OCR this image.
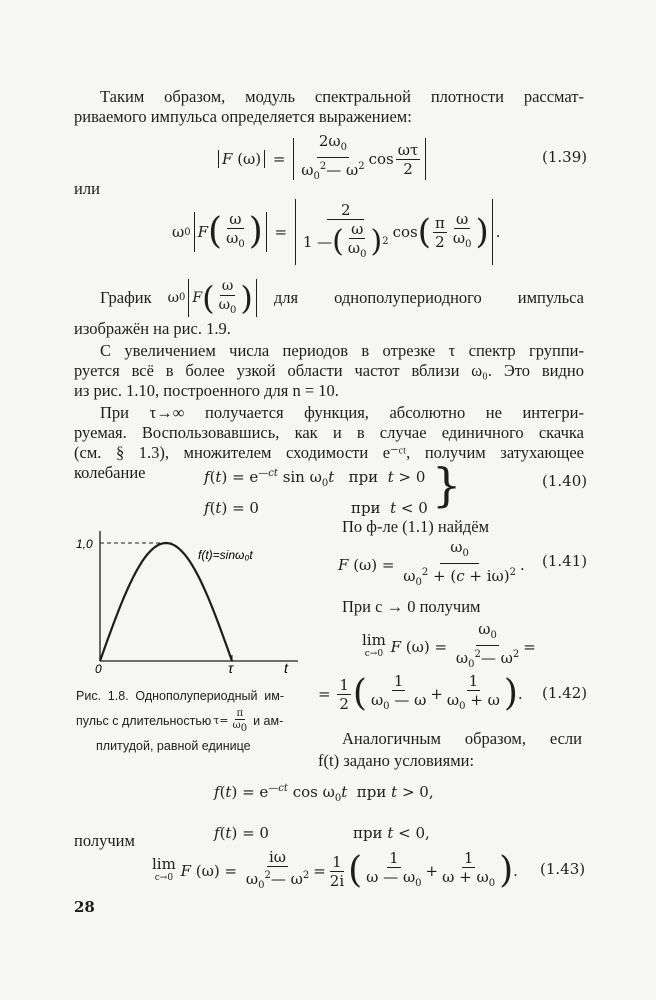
Таким образом, модуль спектральной плотности рассмат-
риваемого импульса определяется выражением:
F (ω)
= $\frac{2\omega_0}{\omega_0^2— \omega^2}$ $\cos \frac{\omega\tau}{2}$	(1.39)
или
ω 0 F ( $\frac{\omega}{\omega_0}$ ) = $\frac{2}{1 — ( \frac{\omega}{\omega_0} ) 2}$ cos ( $\frac{\pi}{2} \frac{\omega}{\omega_0}$ ) .
График ω 0 F ( $\frac{\omega}{\omega_0}$ ) для однополупериодного импульса
изображён на рис. 1.9.
С увеличением числа периодов в отрезке τ спектр группи-
руется всё в более узкой области частот вблизи ω₀. Это видно
из рис. 1.10, построенного для n = 10.
При τ→∞ получается функция, абсолютно не интегри-
руемая. Воспользовавшись, как и в случае единичного скачка
(см. § 1.3), множителем сходимости e⁻ᶜᵗ, получим затухающее
колебание	$f(t) = e^{—ct}$ $\sin \omega_0t$   при  t > 0
f(t) = 0	при  t < 0 }	(1.40)
1,0
f(t)=sinω₀t
0	τ	t
Рис. 1.8. Однополупериодный им-
пульс с длительностью $\tau= \frac{\pi}{\omega_0}$ и ам-
плитудой, равной единице
По ф-ле (1.1) найдём
F $(\omega) = \frac{\omega_0}{\omega_0^2 + (c + i\omega)^2}$ . (1.41)
При c → 0 получим
lim
c→0
F $(\omega) = \frac{\omega_0}{\omega_0^2— \omega^2}$ =
= $\frac{1}{2}$ ( $\frac{1}{\omega_0 — \omega} + \frac{1}{\omega_0 + \omega}$ ) . (1.42)
Аналогичным образом, если
f(t) задано условиями:
$f(t) = e^{—ct}$ $\cos \omega_0t$  при t > 0,
f(t) = 0	при t < 0,
получим
lim
c→0
F $(\omega) = \frac{i\omega}{\omega_0^2— \omega^2} = \frac{1}{2i}$ ( $\frac{1}{\omega — \omega_0} + \frac{1}{\omega + \omega_0}$ ) . (1.43)
28
